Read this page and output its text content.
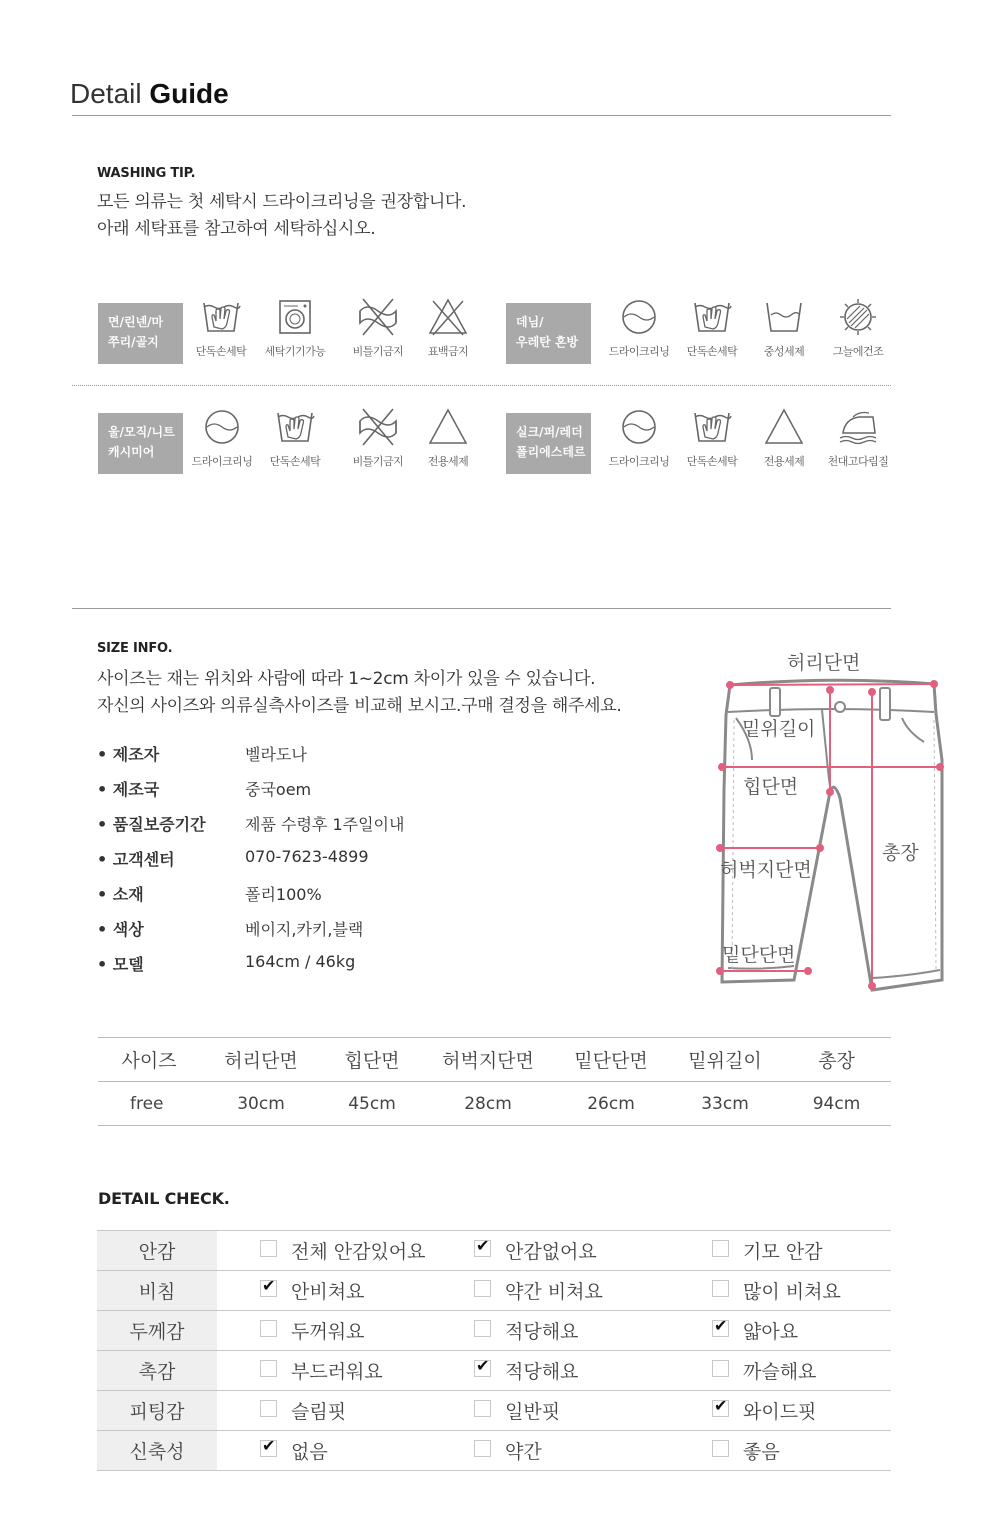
Detail Guide
WASHING TIP.
모든 의류는 첫 세탁시 드라이크리닝을 권장합니다.
아래 세탁표를 참고하여 세탁하십시오.
면/린넨/마
쭈리/골지
단독손세탁	세탁기기가능	비틀기금지	표백금지
데님/
우레탄 혼방
드라이크리닝	단독손세탁	중성세제	그늘에건조
울/모직/니트
캐시미어
드라이크리닝	단독손세탁	비틀기금지	전용세제
실크/퍼/레더
폴리에스테르
드라이크리닝	단독손세탁	전용세제	천대고다림질
SIZE INFO.
사이즈는 재는 위치와 사람에 따라 1~2cm 차이가 있을 수 있습니다.
자신의 사이즈와 의류실측사이즈를 비교해 보시고.구매 결정을 해주세요.
• 제조자	벨라도나
• 제조국	중국oem
• 품질보증기간 제품 수령후 1주일이내
• 고객센터	070-7623-4899
• 소재	폴리100%
• 색상	베이지,카키,블랙
• 모델	164cm / 46kg
허리단면
밑위길이
힙단면
허벅지단면
밑단단면
총장
사이즈	허리단면	힙단면	허벅지단면	밑단단면	밑위길이	총장
free	30cm	45cm	28cm	26cm	33cm	94cm
DETAIL CHECK.
안감	전체 안감있어요	✔안감없어요	기모 안감
비침	✔안비쳐요	약간 비쳐요	많이 비쳐요
두께감	두꺼워요	적당해요	✔얇아요
촉감	부드러워요	✔적당해요	까슬해요
피팅감	슬림핏	일반핏	✔와이드핏
신축성	✔없음	약간	좋음
